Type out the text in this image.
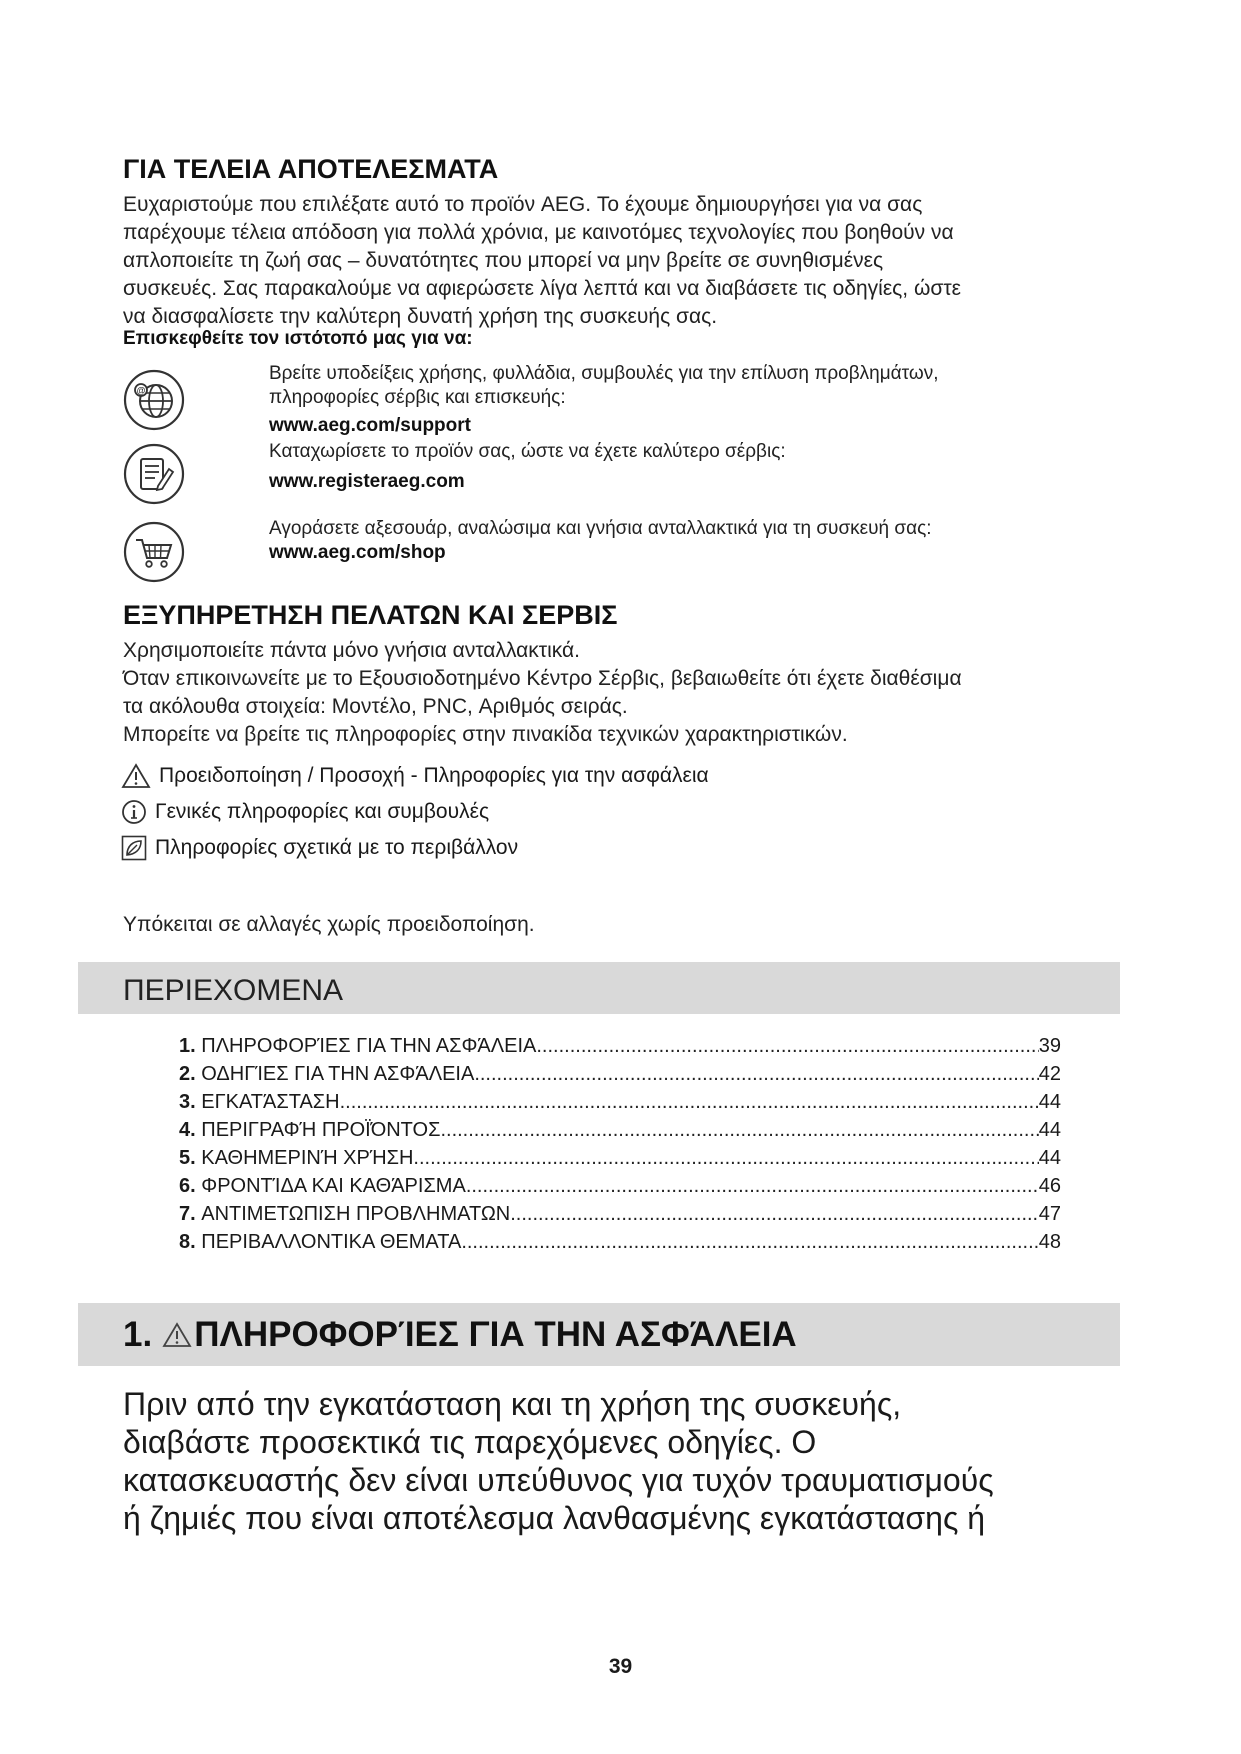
ΓΙΑ ΤΕΛΕΙΑ ΑΠΟΤΕΛΕΣΜΑΤΑ
Ευχαριστούμε που επιλέξατε αυτό το προϊόν AEG. Το έχουμε δημιουργήσει για να σας
παρέχουμε τέλεια απόδοση για πολλά χρόνια, με καινοτόμες τεχνολογίες που βοηθούν να
απλοποιείτε τη ζωή σας – δυνατότητες που μπορεί να μην βρείτε σε συνηθισμένες
συσκευές. Σας παρακαλούμε να αφιερώσετε λίγα λεπτά και να διαβάσετε τις οδηγίες, ώστε
να διασφαλίσετε την καλύτερη δυνατή χρήση της συσκευής σας.
Επισκεφθείτε τον ιστότοπό μας για να:
@
Βρείτε υποδείξεις χρήσης, φυλλάδια, συμβουλές για την επίλυση προβλημάτων,
πληροφορίες σέρβις και επισκευής:
www.aeg.com/support
Καταχωρίσετε το προϊόν σας, ώστε να έχετε καλύτερο σέρβις:
www.registeraeg.com
Αγοράσετε αξεσουάρ, αναλώσιμα και γνήσια ανταλλακτικά για τη συσκευή σας:
www.aeg.com/shop
ΕΞΥΠΗΡΕΤΗΣΗ ΠΕΛΑΤΩΝ ΚΑΙ ΣΕΡΒΙΣ
Χρησιμοποιείτε πάντα μόνο γνήσια ανταλλακτικά.
Όταν επικοινωνείτε με το Εξουσιοδοτημένο Κέντρο Σέρβις, βεβαιωθείτε ότι έχετε διαθέσιμα
τα ακόλουθα στοιχεία: Μοντέλο, PNC, Αριθμός σειράς.
Μπορείτε να βρείτε τις πληροφορίες στην πινακίδα τεχνικών χαρακτηριστικών.
Προειδοποίηση / Προσοχή - Πληροφορίες για την ασφάλεια
Γενικές πληροφορίες και συμβουλές
Πληροφορίες σχετικά με το περιβάλλον
Υπόκειται σε αλλαγές χωρίς προειδοποίηση.
ΠΕΡΙΕΧΟΜΕΝΑ
1.
ΠΛΗΡΟΦΟΡΊΕΣ ΓΙΑ ΤΗΝ ΑΣΦΆΛΕΙΑ .....	39
2.
ΟΔΗΓΊΕΣ ΓΙΑ ΤΗΝ ΑΣΦΆΛΕΙΑ .....	42
3.
ΕΓΚΑΤΆΣΤΑΣΗ .....	44
4.
ΠΕΡΙΓΡΑΦΉ ΠΡΟΪΌΝΤΟΣ .....	44
5.
ΚΑΘΗΜΕΡΙΝΉ ΧΡΉΣΗ .....	44
6.
ΦΡΟΝΤΊΔΑ ΚΑΙ ΚΑΘΆΡΙΣΜΑ .....	46
7.
ΑΝΤΙΜΕΤΩΠΙΣΗ ΠΡΟΒΛΗΜΑΤΩΝ .....	47
8.
ΠΕΡΙΒΑΛΛΟΝΤΙΚΑ ΘΕΜΑΤΑ .....	48
1. ΠΛΗΡΟΦΟΡΊΕΣ ΓΙΑ ΤΗΝ ΑΣΦΆΛΕΙΑ
Πριν από την εγκατάσταση και τη χρήση της συσκευής,
διαβάστε προσεκτικά τις παρεχόμενες οδηγίες. Ο
κατασκευαστής δεν είναι υπεύθυνος για τυχόν τραυματισμούς
ή ζημιές που είναι αποτέλεσμα λανθασμένης εγκατάστασης ή
39
